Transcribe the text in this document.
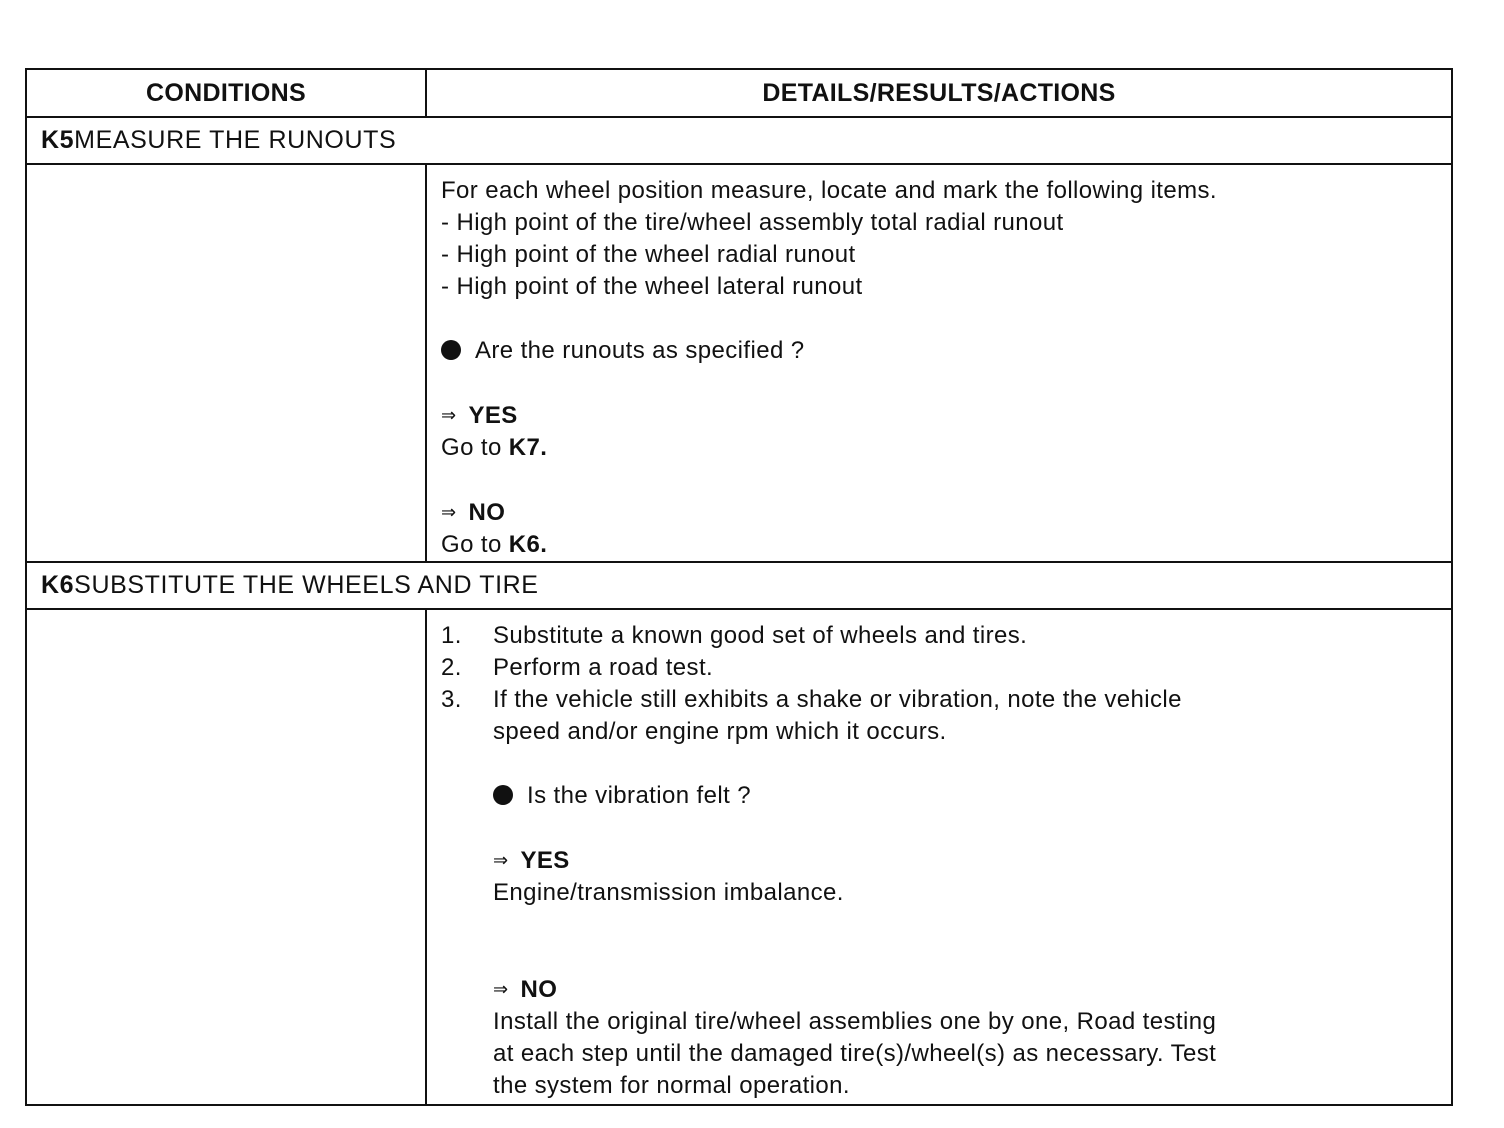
CONDITIONS	DETAILS/RESULTS/ACTIONS
K5 MEASURE THE RUNOUTS
For each wheel position measure, locate and mark the following items.
- High point of the tire/wheel assembly total radial runout
- High point of the wheel radial runout
- High point of the wheel lateral runout
Are the runouts as specified ?
⇒ YES
Go to K7.
⇒ NO
Go to K6.
K6 SUBSTITUTE THE WHEELS AND TIRE
1.	Substitute a known good set of wheels and tires.
2.	Perform a road test.
3.	If the vehicle still exhibits a shake or vibration, note the vehicle
speed and/or engine rpm which it occurs.
Is the vibration felt ?
⇒ YES
Engine/transmission imbalance.
⇒ NO
Install the original tire/wheel assemblies one by one, Road testing
at each step until the damaged tire(s)/wheel(s) as necessary. Test
the system for normal operation.
